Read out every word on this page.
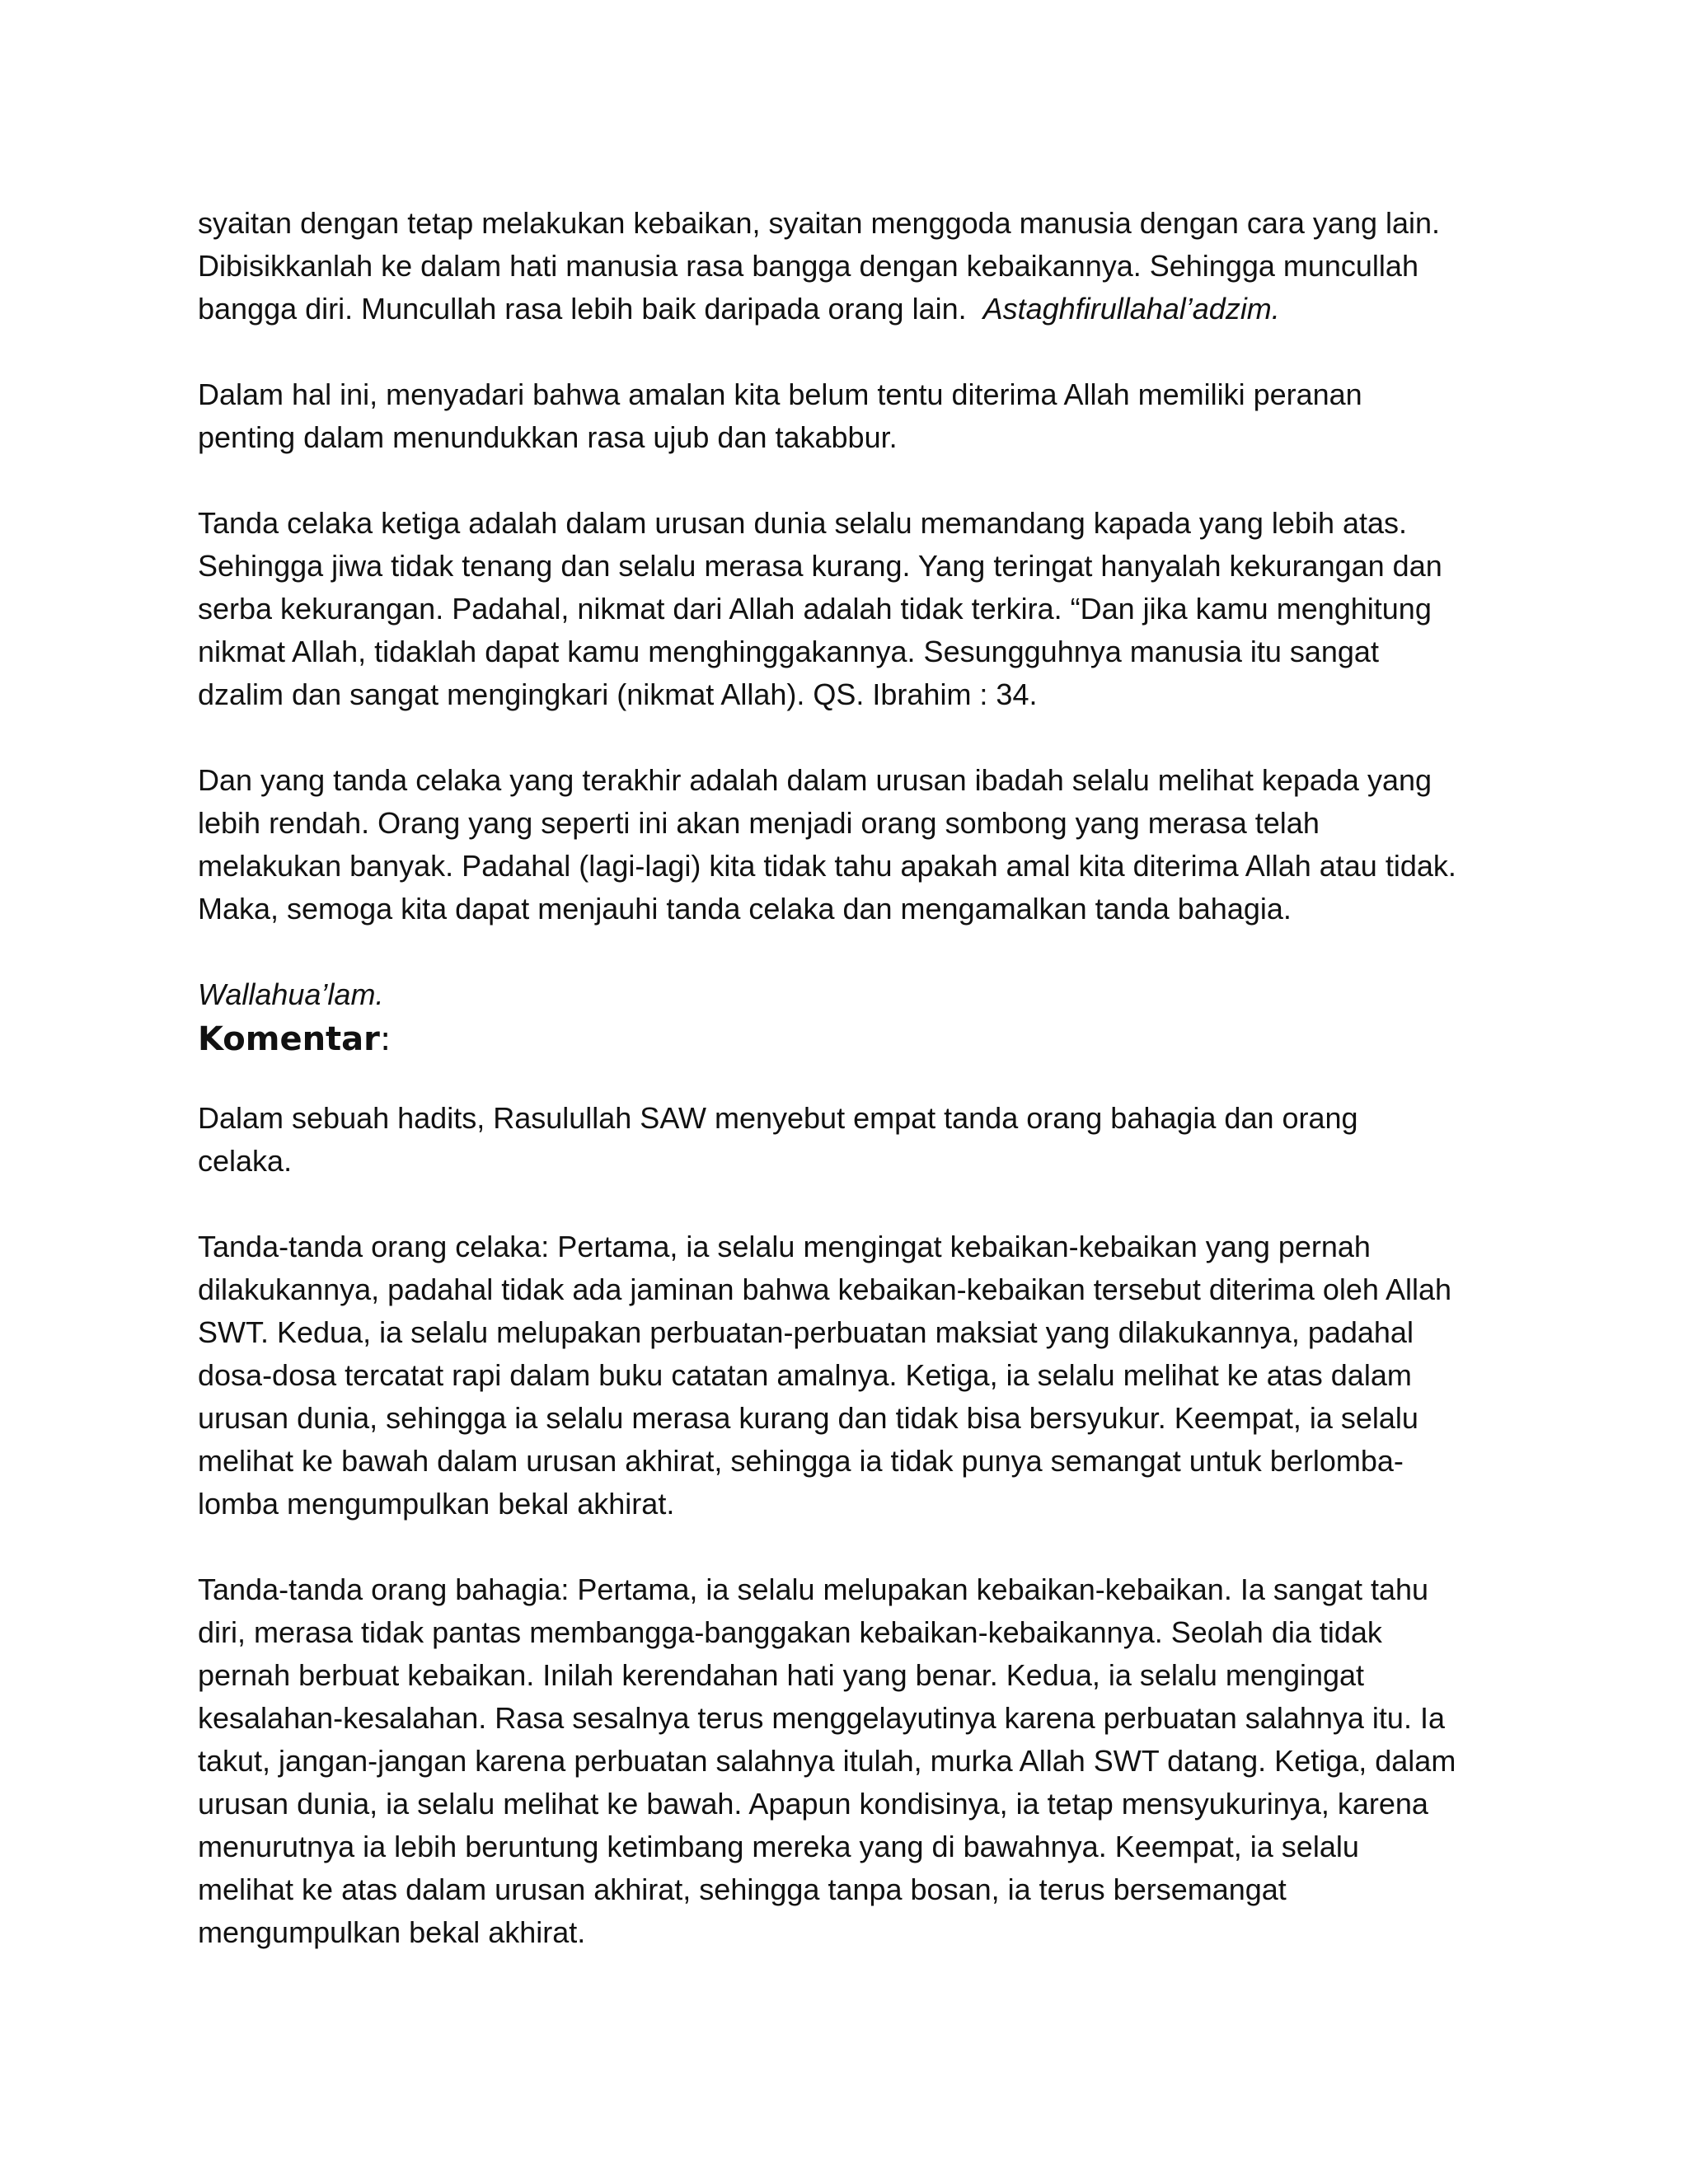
syaitan dengan tetap melakukan kebaikan, syaitan menggoda manusia dengan cara yang lain.
Dibisikkanlah ke dalam hati manusia rasa bangga dengan kebaikannya. Sehingga muncullah
bangga diri. Muncullah rasa lebih baik daripada orang lain. Astaghfirullahal’adzim.
Dalam hal ini, menyadari bahwa amalan kita belum tentu diterima Allah memiliki peranan
penting dalam menundukkan rasa ujub dan takabbur.
Tanda celaka ketiga adalah dalam urusan dunia selalu memandang kapada yang lebih atas.
Sehingga jiwa tidak tenang dan selalu merasa kurang. Yang teringat hanyalah kekurangan dan
serba kekurangan. Padahal, nikmat dari Allah adalah tidak terkira. “Dan jika kamu menghitung
nikmat Allah, tidaklah dapat kamu menghinggakannya. Sesungguhnya manusia itu sangat
dzalim dan sangat mengingkari (nikmat Allah). QS. Ibrahim : 34.
Dan yang tanda celaka yang terakhir adalah dalam urusan ibadah selalu melihat kepada yang
lebih rendah. Orang yang seperti ini akan menjadi orang sombong yang merasa telah
melakukan banyak. Padahal (lagi-lagi) kita tidak tahu apakah amal kita diterima Allah atau tidak.
Maka, semoga kita dapat menjauhi tanda celaka dan mengamalkan tanda bahagia.
Wallahua’lam.
Komentar:
Dalam sebuah hadits, Rasulullah SAW menyebut empat tanda orang bahagia dan orang
celaka.
Tanda-tanda orang celaka: Pertama, ia selalu mengingat kebaikan-kebaikan yang pernah
dilakukannya, padahal tidak ada jaminan bahwa kebaikan-kebaikan tersebut diterima oleh Allah
SWT. Kedua, ia selalu melupakan perbuatan-perbuatan maksiat yang dilakukannya, padahal
dosa-dosa tercatat rapi dalam buku catatan amalnya. Ketiga, ia selalu melihat ke atas dalam
urusan dunia, sehingga ia selalu merasa kurang dan tidak bisa bersyukur. Keempat, ia selalu
melihat ke bawah dalam urusan akhirat, sehingga ia tidak punya semangat untuk berlomba-
lomba mengumpulkan bekal akhirat.
Tanda-tanda orang bahagia: Pertama, ia selalu melupakan kebaikan-kebaikan. Ia sangat tahu
diri, merasa tidak pantas membangga-banggakan kebaikan-kebaikannya. Seolah dia tidak
pernah berbuat kebaikan. Inilah kerendahan hati yang benar. Kedua, ia selalu mengingat
kesalahan-kesalahan. Rasa sesalnya terus menggelayutinya karena perbuatan salahnya itu. Ia
takut, jangan-jangan karena perbuatan salahnya itulah, murka Allah SWT datang. Ketiga, dalam
urusan dunia, ia selalu melihat ke bawah. Apapun kondisinya, ia tetap mensyukurinya, karena
menurutnya ia lebih beruntung ketimbang mereka yang di bawahnya. Keempat, ia selalu
melihat ke atas dalam urusan akhirat, sehingga tanpa bosan, ia terus bersemangat
mengumpulkan bekal akhirat.
